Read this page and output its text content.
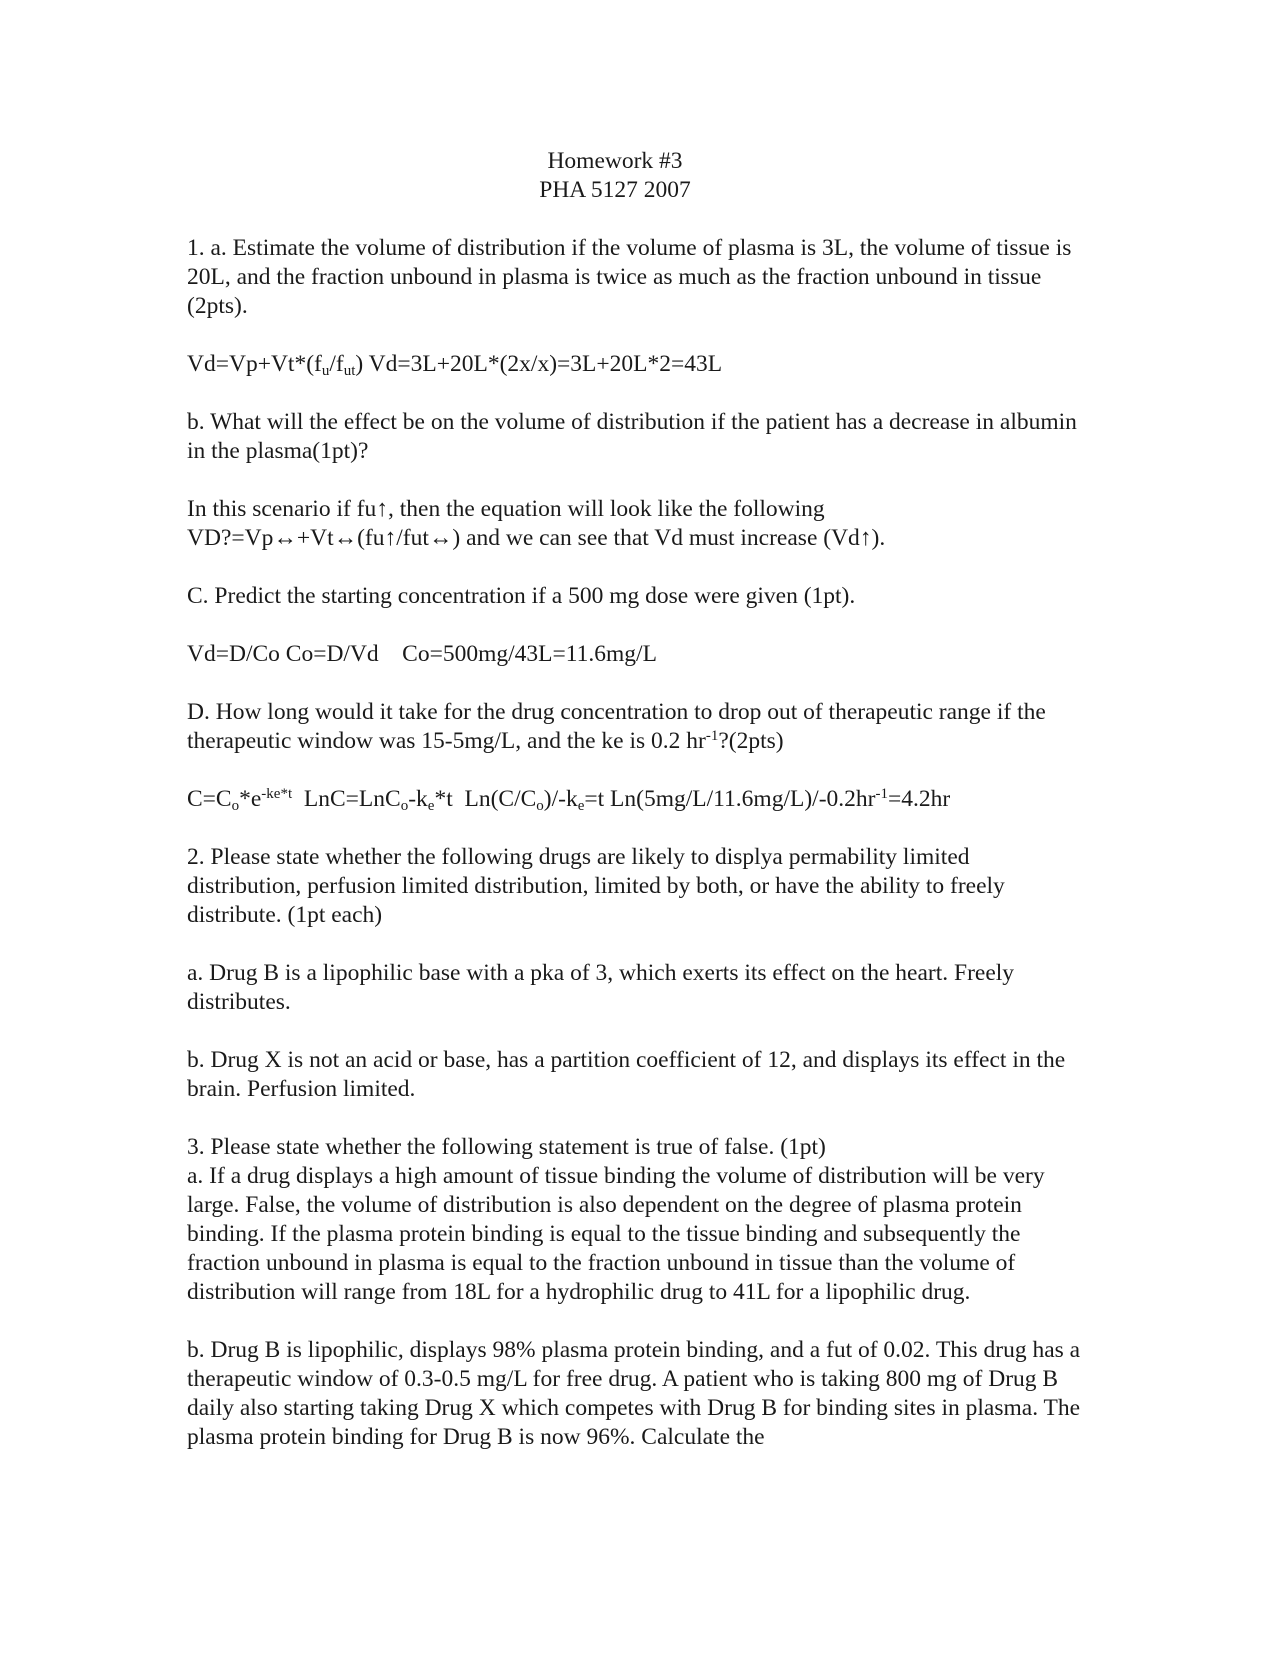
Homework #3
PHA 5127 2007

1. a. Estimate the volume of distribution if the volume of plasma is 3L, the volume of tissue is 20L, and the fraction unbound in plasma is twice as much as the fraction unbound in tissue (2pts).

$Vd=Vp+Vt*(f_u/f_{ut})$ Vd=3L+20L*(2x/x)=3L+20L*2=43L

b. What will the effect be on the volume of distribution if the patient has a decrease in albumin in the plasma(1pt)?

In this scenario if fu↑, then the equation will look like the following

VD?=Vp↔+Vt↔(fu↑/fut↔) and we can see that Vd must increase (Vd↑).

C. Predict the starting concentration if a 500 mg dose were given (1pt).

Vd=D/Co Co=D/Vd    Co=500mg/43L=11.6mg/L

D. How long would it take for the drug concentration to drop out of therapeutic range if the therapeutic window was 15-5mg/L, and the ke is 0.2 $hr^{-1}?(2pts)$

$C=C_o*e^{-ke*t}$  $LnC=LnC_o-k_e*t$  $Ln(C/C_o)/-k_e=t$ $Ln(5mg/L/11.6mg/L)/-0.2hr^{-1}=4.2hr$

2. Please state whether the following drugs are likely to displya permability limited distribution, perfusion limited distribution, limited by both, or have the ability to freely distribute. (1pt each)

a. Drug B is a lipophilic base with a pka of 3, which exerts its effect on the heart. Freely distributes.

b. Drug X is not an acid or base, has a partition coefficient of 12, and displays its effect in the brain. Perfusion limited.

3. Please state whether the following statement is true of false. (1pt)

a. If a drug displays a high amount of tissue binding the volume of distribution will be very large. False, the volume of distribution is also dependent on the degree of plasma protein binding. If the plasma protein binding is equal to the tissue binding and subsequently the fraction unbound in plasma is equal to the fraction unbound in tissue than the volume of distribution will range from 18L for a hydrophilic drug to 41L for a lipophilic drug.

b. Drug B is lipophilic, displays 98% plasma protein binding, and a fut of 0.02. This drug has a therapeutic window of 0.3-0.5 mg/L for free drug. A patient who is taking 800 mg of Drug B daily also starting taking Drug X which competes with Drug B for binding sites in plasma. The plasma protein binding for Drug B is now 96%. Calculate the
